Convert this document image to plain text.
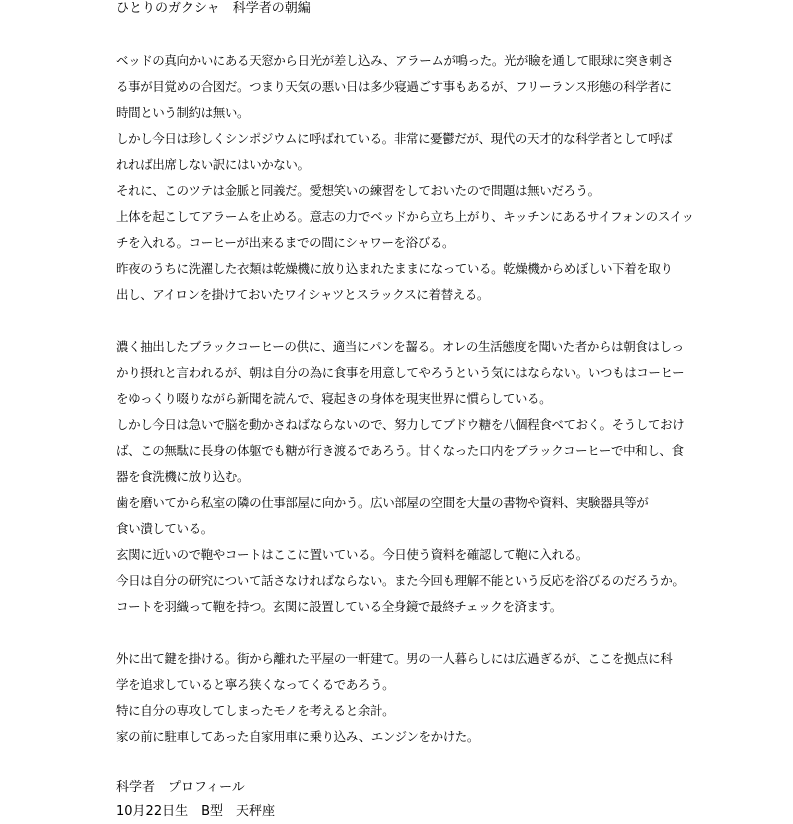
ひとりのガクシャ　科学者の朝編
ベッドの真向かいにある天窓から日光が差し込み、アラームが鳴った。光が瞼を通して眼球に突き刺さ
る事が目覚めの合図だ。つまり天気の悪い日は多少寝過ごす事もあるが、フリーランス形態の科学者に
時間という制約は無い。
しかし今日は珍しくシンポジウムに呼ばれている。非常に憂鬱だが、現代の天才的な科学者として呼ば
れれば出席しない訳にはいかない。
それに、このツテは金脈と同義だ。愛想笑いの練習をしておいたので問題は無いだろう。
上体を起こしてアラームを止める。意志の力でベッドから立ち上がり、キッチンにあるサイフォンのスイッ
チを入れる。コーヒーが出来るまでの間にシャワーを浴びる。
昨夜のうちに洗濯した衣類は乾燥機に放り込まれたままになっている。乾燥機からめぼしい下着を取り
出し、アイロンを掛けておいたワイシャツとスラックスに着替える。
濃く抽出したブラックコーヒーの供に、適当にパンを齧る。オレの生活態度を聞いた者からは朝食はしっ
かり摂れと言われるが、朝は自分の為に食事を用意してやろうという気にはならない。いつもはコーヒー
をゆっくり啜りながら新聞を読んで、寝起きの身体を現実世界に慣らしている。
しかし今日は急いで脳を動かさねばならないので、努力してブドウ糖を八個程食べておく。そうしておけ
ば、この無駄に長身の体躯でも糖が行き渡るであろう。甘くなった口内をブラックコーヒーで中和し、食
器を食洗機に放り込む。
歯を磨いてから私室の隣の仕事部屋に向かう。広い部屋の空間を大量の書物や資料、実験器具等が
食い潰している。
玄関に近いので鞄やコートはここに置いている。今日使う資料を確認して鞄に入れる。
今日は自分の研究について話さなければならない。また今回も理解不能という反応を浴びるのだろうか。
コートを羽織って鞄を持つ。玄関に設置している全身鏡で最終チェックを済ます。
外に出て鍵を掛ける。街から離れた平屋の一軒建て。男の一人暮らしには広過ぎるが、ここを拠点に科
学を追求していると寧ろ狭くなってくるであろう。
特に自分の専攻してしまったモノを考えると余計。
家の前に駐車してあった自家用車に乗り込み、エンジンをかけた。
科学者　プロフィール
10月22日生　B型　天秤座
